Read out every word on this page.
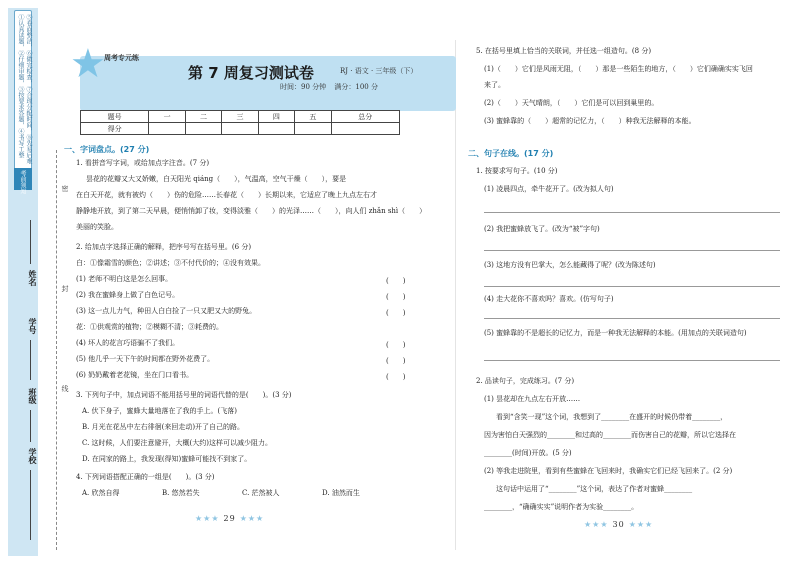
①认真读题，②仔细审题，③按要求答题，④书写工整 ⑤卷面整洁，⑥做完检查，⑦合理分配时间，⑧先易后难
考前须知
学校
班级
学号
姓名
密
封
线
★
周考专元练
第 7 周复习测试卷	RJ · 语文 · 三年级（下）
时间：90 分钟 满分：100 分
题号	一	二	三	四	五	总分
得分						
一、字词盘点。(27 分)
1. 看拼音写字词，或给加点字注音。(7 分)
昙花的花瓣又大又娇嫩，白天阳光 qiáng（　　），气温高，空气干燥（　　），要是
在白天开花，就有被灼（　　）伤的危险……长春花（　　）长期以来，它适应了晚上九点左右才
静静地开放，到了第二天早晨，便悄悄卸了妆，变得淡雅（　　）的光泽……（　　），向人们 zhǎn shì（　　）
美丽的笑脸。
2. 给加点字选择正确的解释，把序号写在括号里。(6 分)
白：①像霜雪的颜色；②讲述；③不付代价的；④没有效果。
(1) 老师不明白这是怎么回事。	(　　)
(2) 我在蜜蜂身上做了白色记号。	(　　)
(3) 这一点儿力气，种田人白白捡了一只又肥又大的野兔。	(　　)
花：①供观赏的植物；②模糊不清；③耗费的。
(4) 坏人的花言巧语骗不了我们。	(　　)
(5) 他几乎一天下午的时间都在野外花费了。	(　　)
(6) 奶奶戴着老花镜，坐在门口看书。	(　　)
3. 下列句子中，加点词语不能用括号里的词语代替的是(　　)。(3 分)
A. 伏下身子，蜜蜂大量地落在了我的手上。(飞落)
B. 月光在花丛中左右徘徊(来回走动)开了自己的路。
C. 这时候，人们要注意避开，大概(大约)这样可以减少阻力。
D. 在同家的路上，我发现(得知)蜜蜂可能找不到家了。
4. 下列词语搭配正确的一组是(　　)。(3 分)
A. 欣然自得	B. 悠然若失	C. 茫然被人	D. 油然而生
★★★ 29 ★★★
5. 在括号里填上恰当的关联词，并任选一组造句。(8 分)
(1)（　　）它们是风雨无阻，（　　）那是一些陌生的地方，（　　）它们确确实实飞回
来了。
(2)（　　）天气晴朗，（　　）它们是可以回到巢里的。
(3) 蜜蜂靠的（　　）超常的记忆力，（　　）种我无法解释的本能。
二、句子在线。(17 分)
1. 按要求写句子。(10 分)
(1) 凌晨四点，牵牛花开了。(改为拟人句)
(2) 我把蜜蜂放飞了。(改为“被”字句)
(3) 这地方没有巴掌大，怎么能藏得了呢？(改为陈述句)
(4) 走大花你不喜欢吗？喜欢。(仿写句子)
(5) 蜜蜂靠的不是超长的记忆力，而是一种我无法解释的本能。(用加点的关联词造句)
2. 品读句子，完成练习。(7 分)
(1) 昙花却在九点左右开放……
看到“含笑一现”这个词，我想到了________在盛开的时候仍带着________，
因为害怕白天强烈的________和过高的________而伤害自己的花瓣，所以它选择在
________(时间)开放。(5 分)
(2) 等我走进院里，看到有些蜜蜂在飞回来时，我确实它们已经飞回来了。(2 分)
这句话中运用了“________”这个词，表达了作者对蜜蜂________
________，“确确实实”说明作者为实验________。
★★★ 30 ★★★
